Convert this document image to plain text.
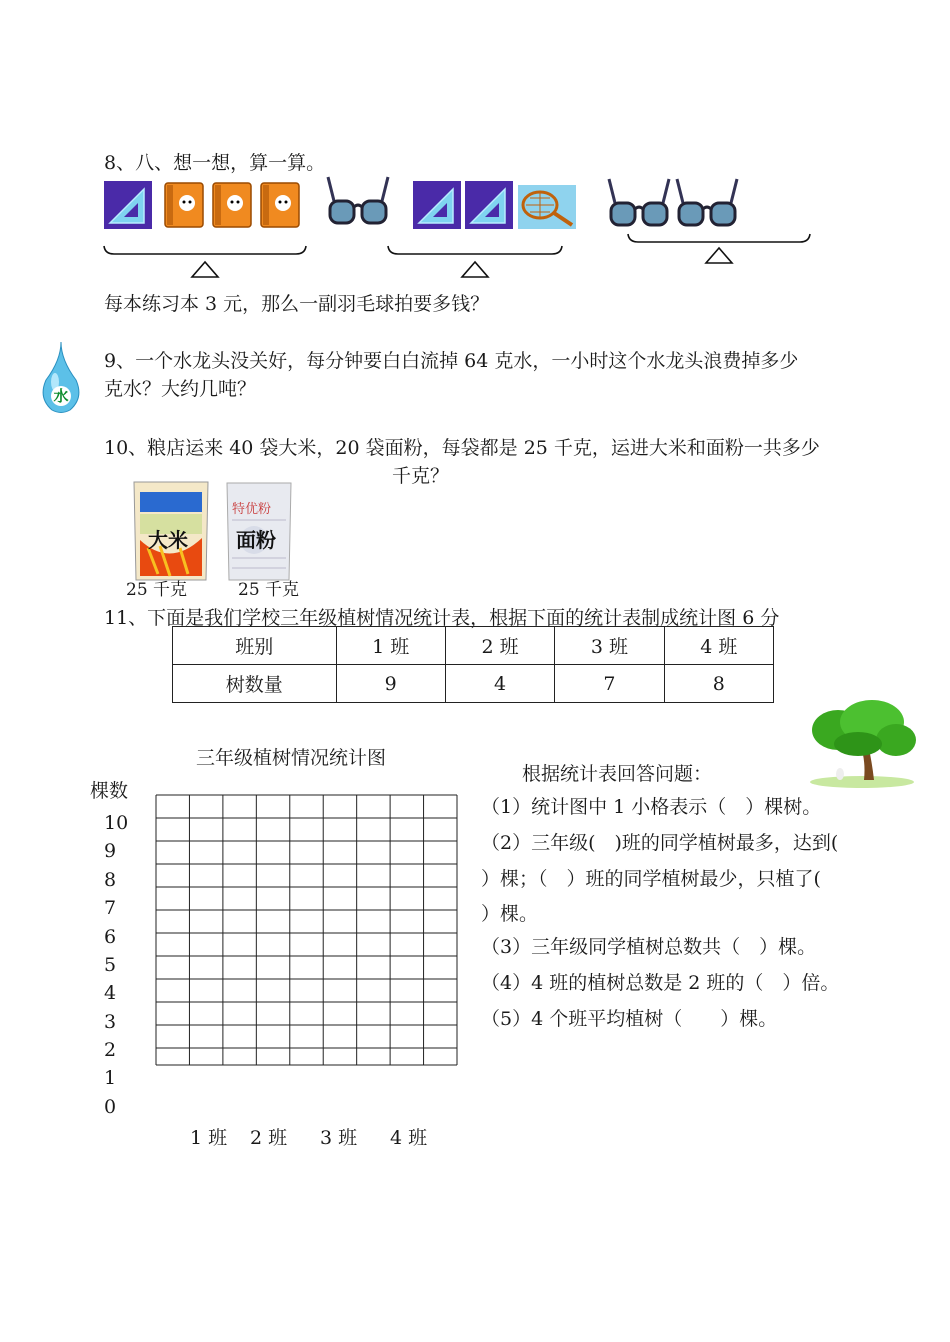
8、八、想一想，算一算。
每本练习本 3 元，那么一副羽毛球拍要多钱？
水
9、一个水龙头没关好，每分钟要白白流掉 64 克水，一小时这个水龙头浪费掉多少
克水？大约几吨？
10、粮店运来 40 袋大米，20 袋面粉，每袋都是 25 千克，运进大米和面粉一共多少
千克？
大米
特优粉
面粉
25 千克	25 千克
11、下面是我们学校三年级植树情况统计表，根据下面的统计表制成统计图 6 分
班别	1 班	2 班	3 班	4 班
树数量	9	4	7	8
三年级植树情况统计图
棵数
10
9
8
7
6
5
4
3
2
1
0
1 班 2 班 3 班 4 班
根据统计表回答问题：
（1）统计图中 1 小格表示（　）棵树。
（2）三年级(　)班的同学植树最多，达到(
）棵；（　）班的同学植树最少，只植了(
）棵。
（3）三年级同学植树总数共（　）棵。
（4）4 班的植树总数是 2 班的（　）倍。
（5）4 个班平均植树（　　）棵。
